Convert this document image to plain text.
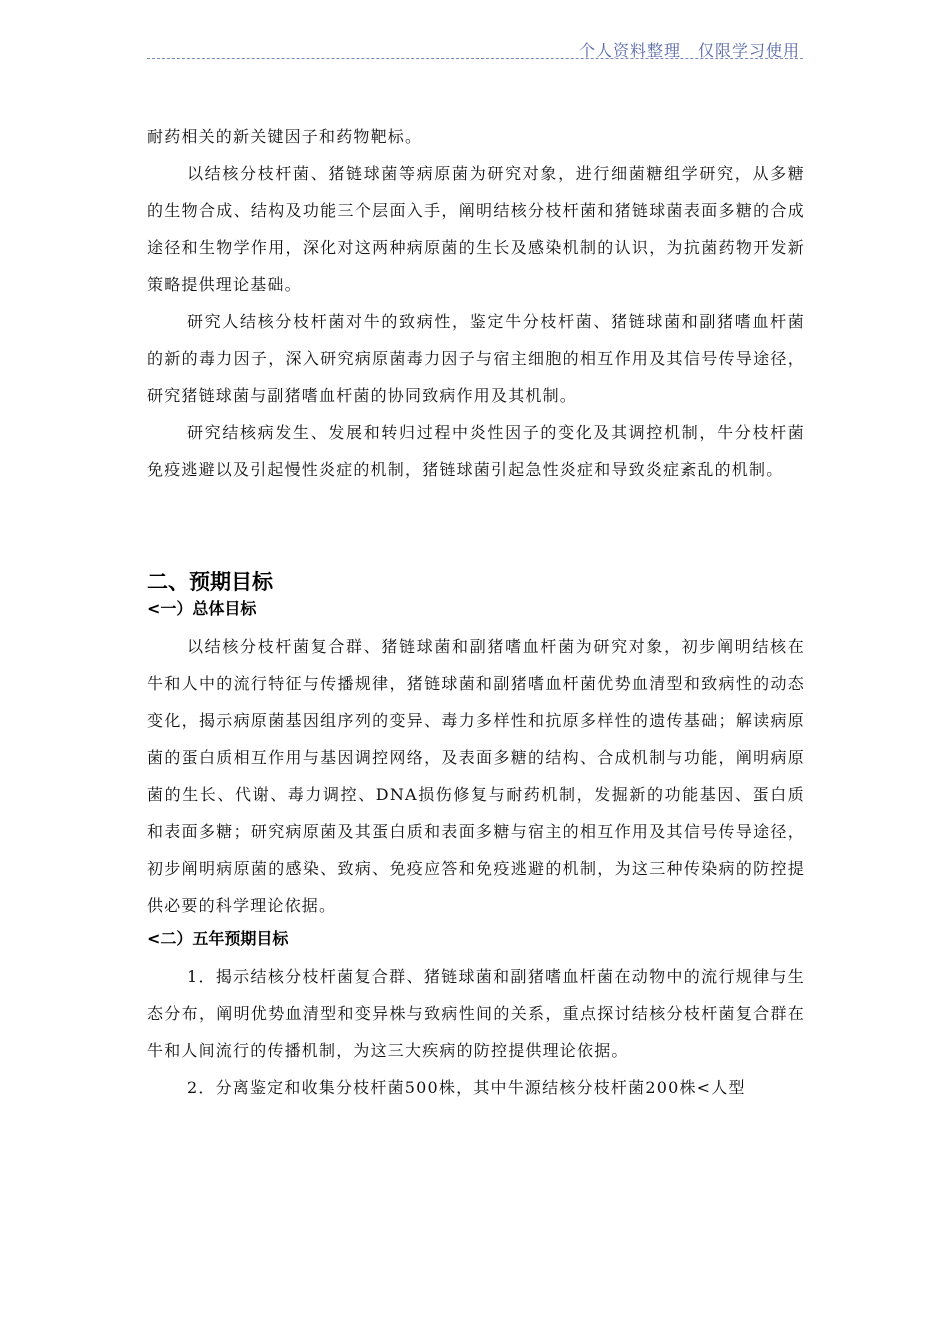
个人资料整理　仅限学习使用

耐药相关的新关键因子和药物靶标。

以结核分枝杆菌、猪链球菌等病原菌为研究对象，进行细菌糖组学研究，从多糖的生物合成、结构及功能三个层面入手，阐明结核分枝杆菌和猪链球菌表面多糖的合成途径和生物学作用，深化对这两种病原菌的生长及感染机制的认识，为抗菌药物开发新策略提供理论基础。

研究人结核分枝杆菌对牛的致病性，鉴定牛分枝杆菌、猪链球菌和副猪嗜血杆菌的新的毒力因子，深入研究病原菌毒力因子与宿主细胞的相互作用及其信号传导途径，研究猪链球菌与副猪嗜血杆菌的协同致病作用及其机制。

研究结核病发生、发展和转归过程中炎性因子的变化及其调控机制，牛分枝杆菌免疫逃避以及引起慢性炎症的机制，猪链球菌引起急性炎症和导致炎症紊乱的机制。

二、预期目标
<一）总体目标

以结核分枝杆菌复合群、猪链球菌和副猪嗜血杆菌为研究对象，初步阐明结核在牛和人中的流行特征与传播规律，猪链球菌和副猪嗜血杆菌优势血清型和致病性的动态变化，揭示病原菌基因组序列的变异、毒力多样性和抗原多样性的遗传基础；解读病原菌的蛋白质相互作用与基因调控网络，及表面多糖的结构、合成机制与功能，阐明病原菌的生长、代谢、毒力调控、DNA损伤修复与耐药机制，发掘新的功能基因、蛋白质和表面多糖；研究病原菌及其蛋白质和表面多糖与宿主的相互作用及其信号传导途径，初步阐明病原菌的感染、致病、免疫应答和免疫逃避的机制，为这三种传染病的防控提供必要的科学理论依据。

<二）五年预期目标

1．揭示结核分枝杆菌复合群、猪链球菌和副猪嗜血杆菌在动物中的流行规律与生态分布，阐明优势血清型和变异株与致病性间的关系，重点探讨结核分枝杆菌复合群在牛和人间流行的传播机制，为这三大疾病的防控提供理论依据。

2．分离鉴定和收集分枝杆菌500株，其中牛源结核分枝杆菌200株<人型
